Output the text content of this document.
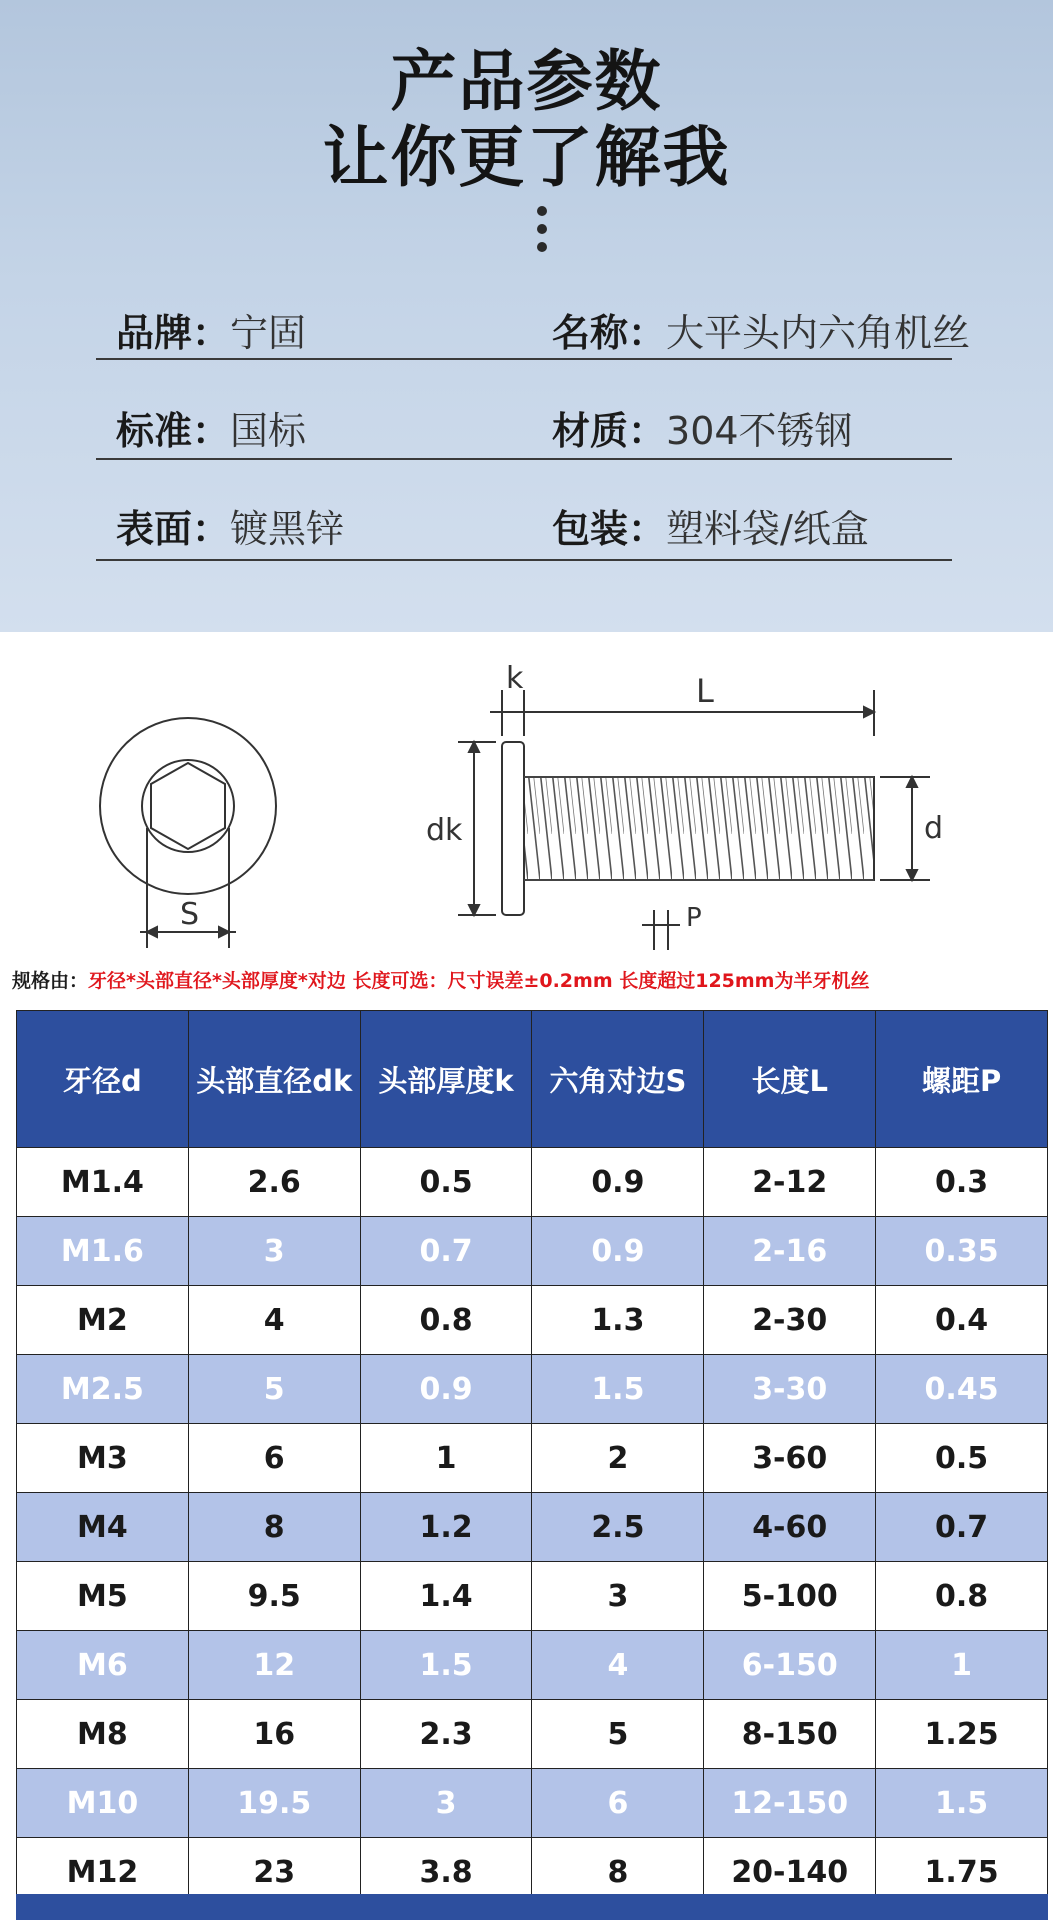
产品参数
让你更了解我
品牌：宁固	名称：大平头内六角机丝
标准：国标	材质：304不锈钢
表面：镀黑锌	包装：塑料袋/纸盒
S
k	L
dk	d
P
规格由：牙径*头部直径*头部厚度*对边 长度可选：尺寸误差±0.2mm 长度超过125mm为半牙机丝
牙径d	头部直径dk	头部厚度k	六角对边S	长度L	螺距P
M1.4	2.6	0.5	0.9	2-12	0.3
M1.6	3	0.7	0.9	2-16	0.35
M2	4	0.8	1.3	2-30	0.4
M2.5	5	0.9	1.5	3-30	0.45
M3	6	1	2	3-60	0.5
M4	8	1.2	2.5	4-60	0.7
M5	9.5	1.4	3	5-100	0.8
M6	12	1.5	4	6-150	1
M8	16	2.3	5	8-150	1.25
M10	19.5	3	6	12-150	1.5
M12	23	3.8	8	20-140	1.75
